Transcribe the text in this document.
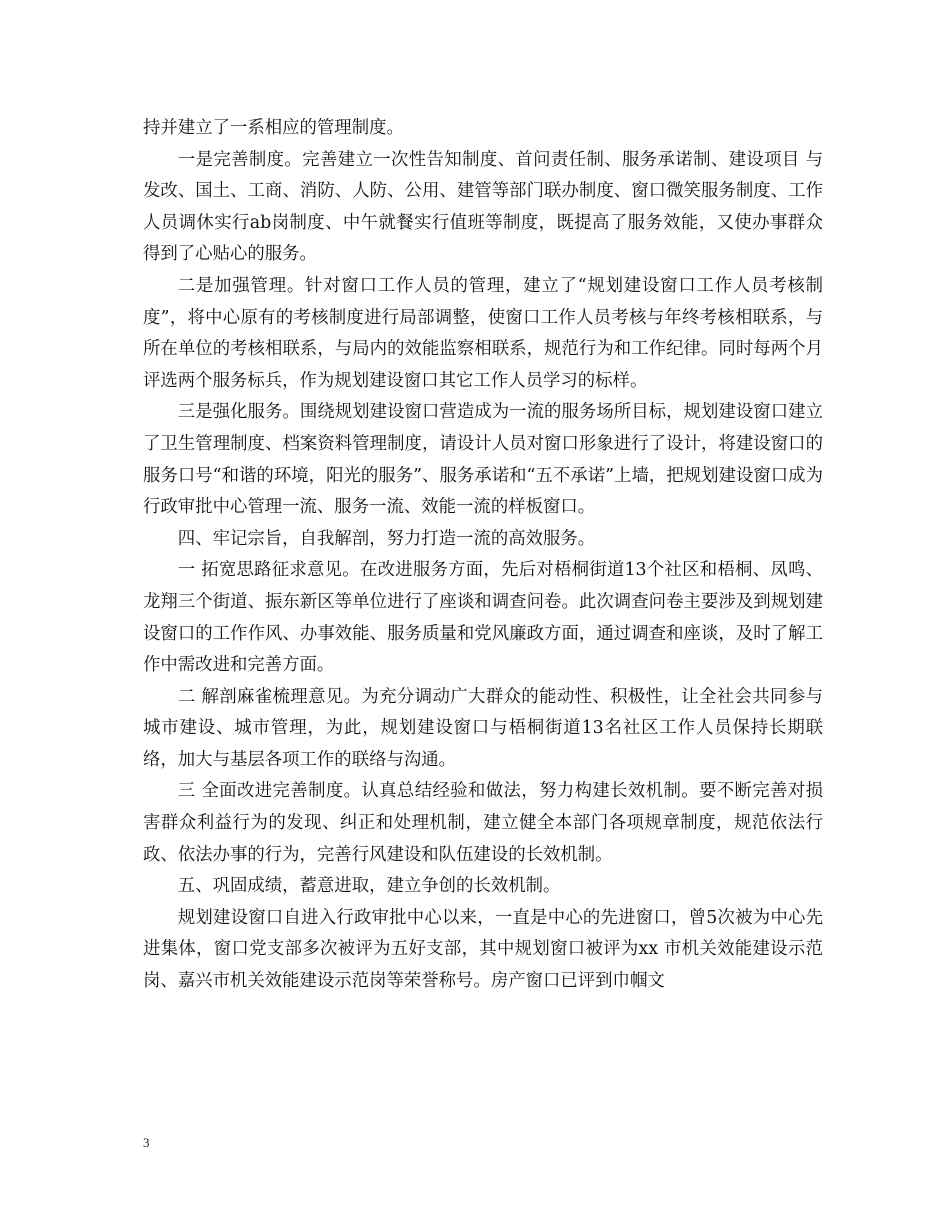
持并建立了一系相应的管理制度。

一是完善制度。完善建立一次性告知制度、首问责任制、服务承诺制、建设项目 与发改、国土、工商、消防、人防、公用、建管等部门联办制度、窗口微笑服务制度、工作人员调休实行ab岗制度、中午就餐实行值班等制度，既提高了服务效能，又使办事群众得到了心贴心的服务。

二是加强管理。针对窗口工作人员的管理，建立了“规划建设窗口工作人员考核制度”，将中心原有的考核制度进行局部调整，使窗口工作人员考核与年终考核相联系，与所在单位的考核相联系，与局内的效能监察相联系，规范行为和工作纪律。同时每两个月评选两个服务标兵，作为规划建设窗口其它工作人员学习的标样。

三是强化服务。围绕规划建设窗口营造成为一流的服务场所目标，规划建设窗口建立了卫生管理制度、档案资料管理制度，请设计人员对窗口形象进行了设计，将建设窗口的服务口号“和谐的环境，阳光的服务”、服务承诺和“五不承诺”上墙，把规划建设窗口成为行政审批中心管理一流、服务一流、效能一流的样板窗口。

四、牢记宗旨，自我解剖，努力打造一流的高效服务。

一 拓宽思路征求意见。在改进服务方面，先后对梧桐街道13个社区和梧桐、凤鸣、龙翔三个街道、振东新区等单位进行了座谈和调查问卷。此次调查问卷主要涉及到规划建设窗口的工作作风、办事效能、服务质量和党风廉政方面，通过调查和座谈，及时了解工作中需改进和完善方面。

二 解剖麻雀梳理意见。为充分调动广大群众的能动性、积极性，让全社会共同参与城市建设、城市管理，为此，规划建设窗口与梧桐街道13名社区工作人员保持长期联络，加大与基层各项工作的联络与沟通。

三 全面改进完善制度。认真总结经验和做法，努力构建长效机制。要不断完善对损害群众利益行为的发现、纠正和处理机制，建立健全本部门各项规章制度，规范依法行政、依法办事的行为，完善行风建设和队伍建设的长效机制。

五、巩固成绩，蓄意进取，建立争创的长效机制。

规划建设窗口自进入行政审批中心以来，一直是中心的先进窗口，曾5次被为中心先进集体，窗口党支部多次被评为五好支部，其中规划窗口被评为xx 市机关效能建设示范岗、嘉兴市机关效能建设示范岗等荣誉称号。房产窗口已评到巾帼文

3
